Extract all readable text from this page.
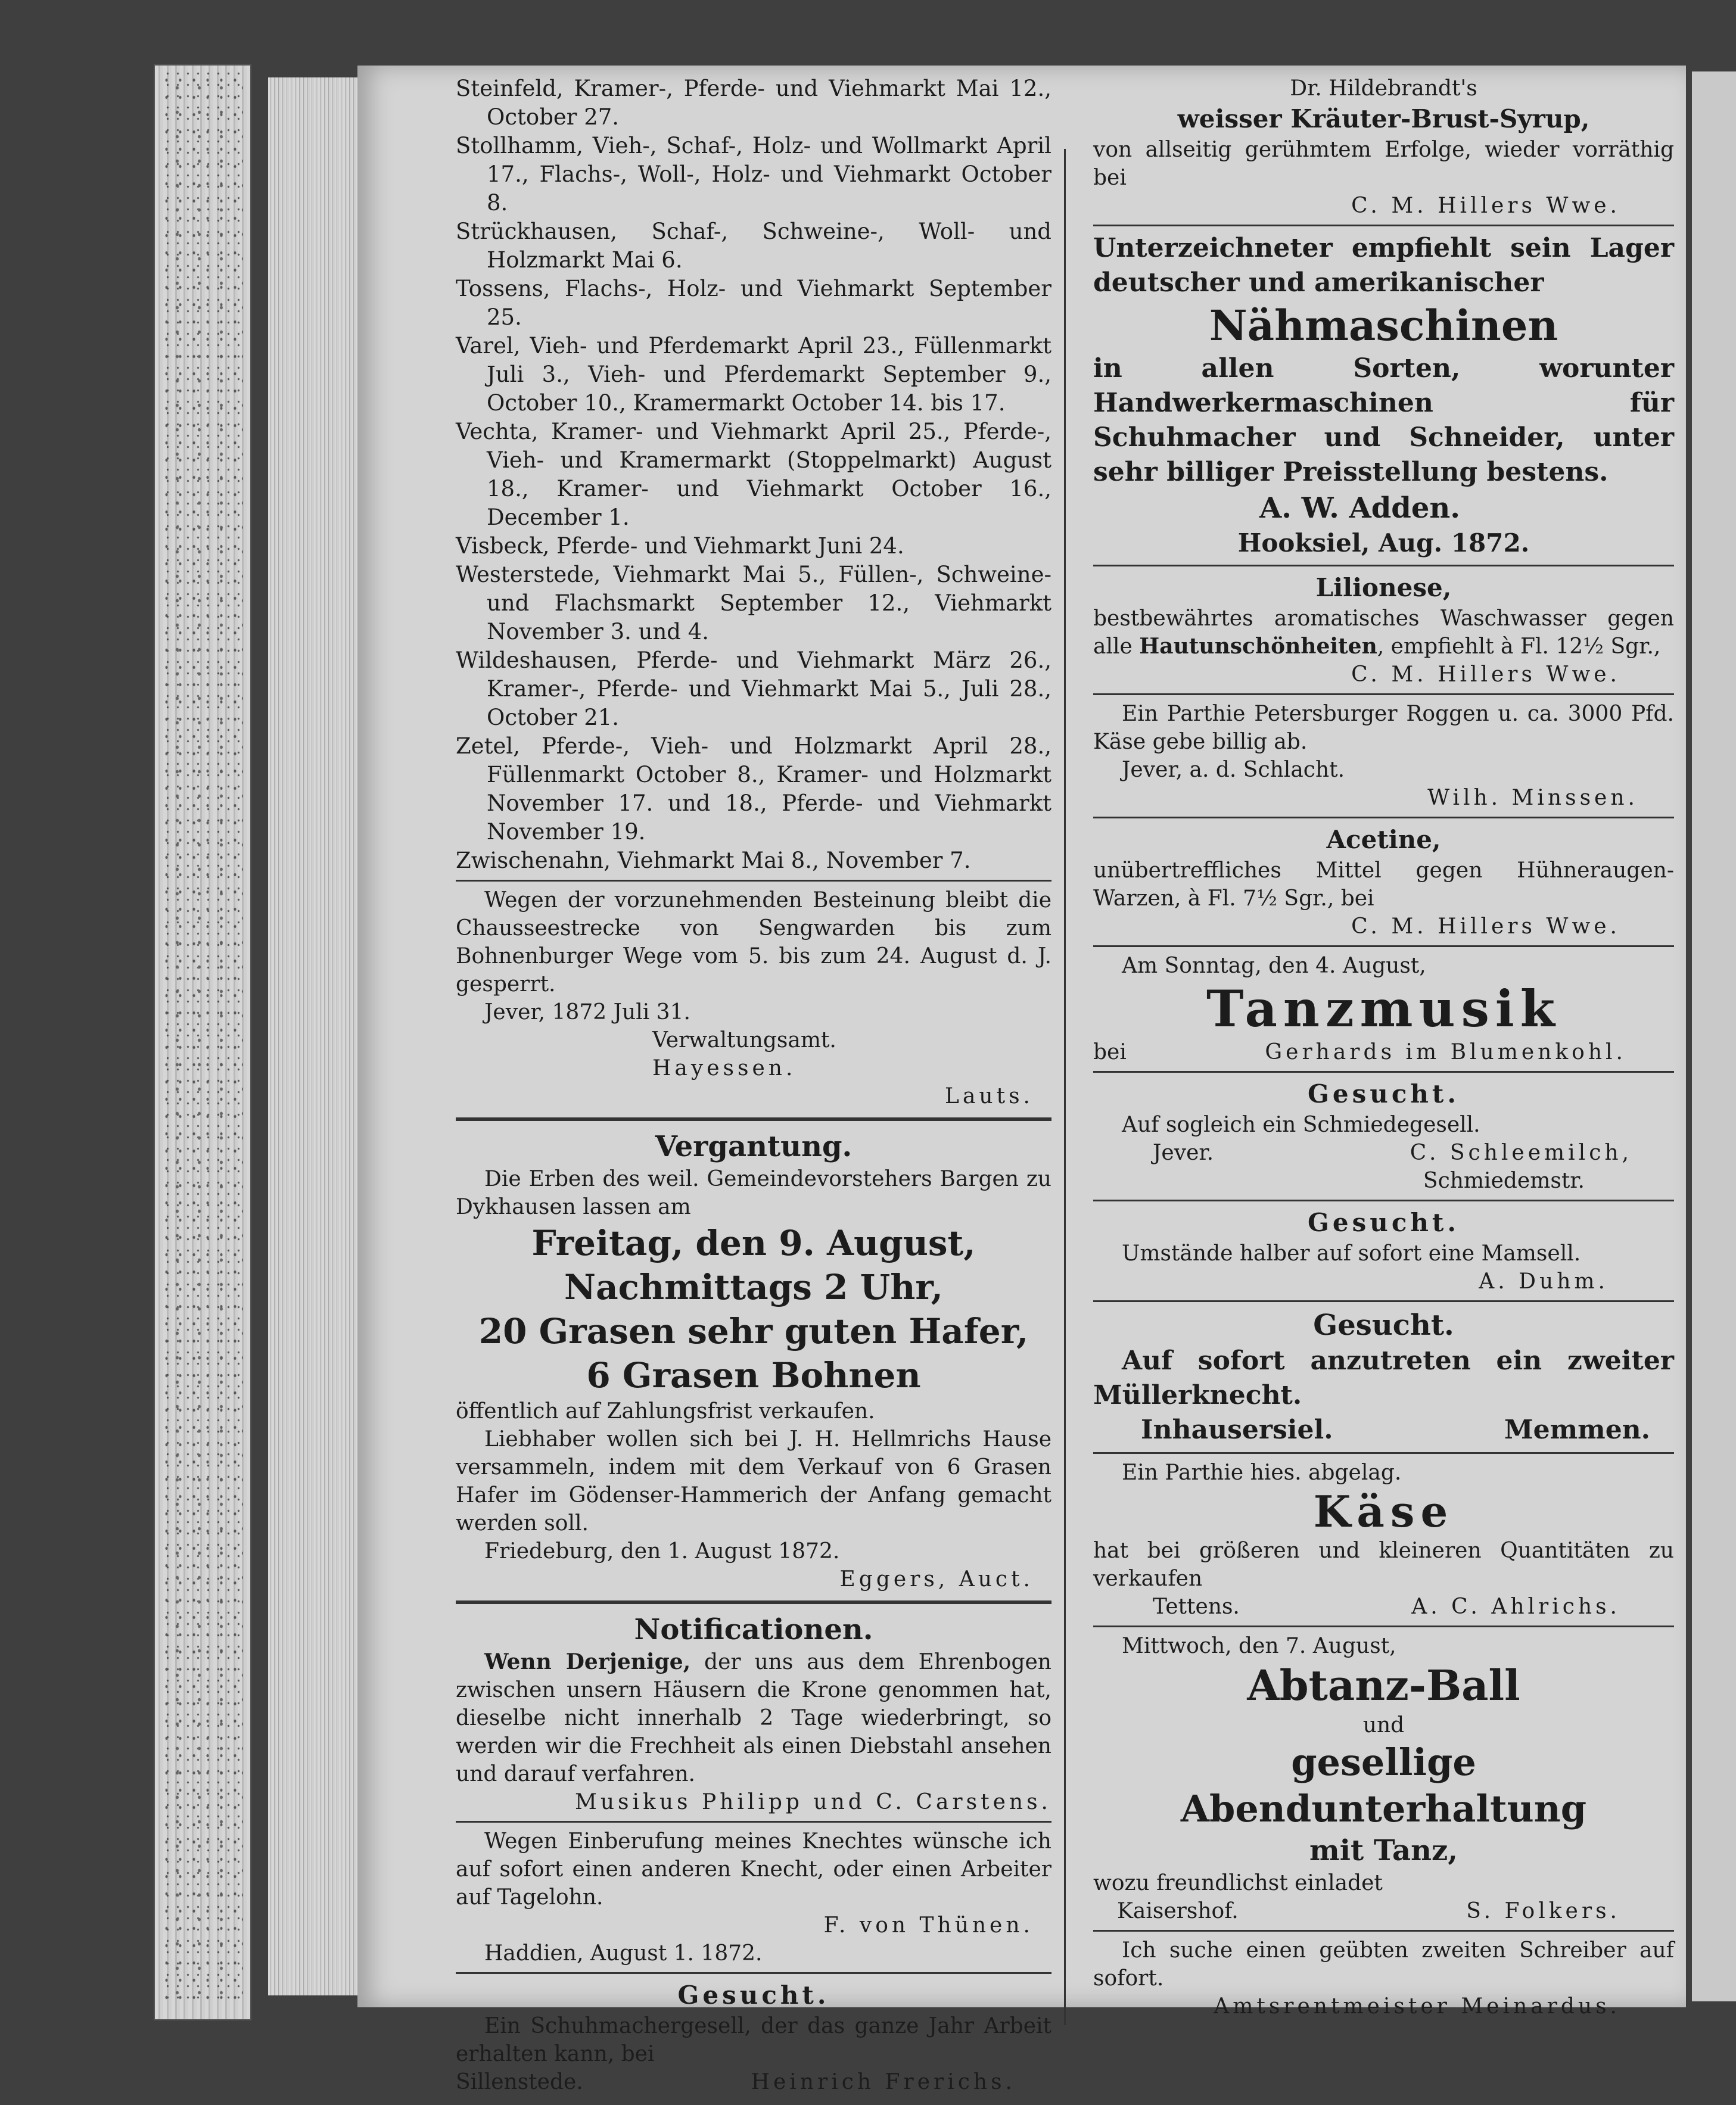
Steinfeld, Kramer-, Pferde- und Viehmarkt Mai 12., October 27.

Stollhamm, Vieh-, Schaf-, Holz- und Wollmarkt April 17., Flachs-, Woll-, Holz- und Viehmarkt October 8.

Strückhausen, Schaf-, Schweine-, Woll- und Holzmarkt Mai 6.

Tossens, Flachs-, Holz- und Viehmarkt September 25.

Varel, Vieh- und Pferdemarkt April 23., Füllenmarkt Juli 3., Vieh- und Pferdemarkt September 9., October 10., Kramermarkt October 14. bis 17.

Vechta, Kramer- und Viehmarkt April 25., Pferde-, Vieh- und Kramermarkt (Stoppelmarkt) August 18., Kramer- und Viehmarkt October 16., December 1.

Visbeck, Pferde- und Viehmarkt Juni 24.

Westerstede, Viehmarkt Mai 5., Füllen-, Schweine- und Flachsmarkt September 12., Viehmarkt November 3. und 4.

Wildeshausen, Pferde- und Viehmarkt März 26., Kramer-, Pferde- und Viehmarkt Mai 5., Juli 28., October 21.

Zetel, Pferde-, Vieh- und Holzmarkt April 28., Füllenmarkt October 8., Kramer- und Holzmarkt November 17. und 18., Pferde- und Viehmarkt November 19.

Zwischenahn, Viehmarkt Mai 8., November 7.

Wegen der vorzunehmenden Besteinung bleibt die Chausseestrecke von Sengwarden bis zum Bohnenburger Wege vom 5. bis zum 24. August d. J. gesperrt.

Jever, 1872 Juli 31.

Verwaltungsamt.

Hayessen.

Lauts.

Vergantung.

Die Erben des weil. Gemeindevorstehers Bargen zu Dykhausen lassen am

Freitag, den 9. August,

Nachmittags 2 Uhr,

20 Grasen sehr guten Hafer,

6 Grasen Bohnen

öffentlich auf Zahlungsfrist verkaufen.

Liebhaber wollen sich bei J. H. Hellmrichs Hause versammeln, indem mit dem Verkauf von 6 Grasen Hafer im Gödenser-Hammerich der Anfang gemacht werden soll.

Friedeburg, den 1. August 1872.

Eggers, Auct.

Notificationen.

Wenn Derjenige, der uns aus dem Ehrenbogen zwischen unsern Häusern die Krone genommen hat, dieselbe nicht innerhalb 2 Tage wiederbringt, so werden wir die Frechheit als einen Diebstahl ansehen und darauf verfahren.

Musikus Philipp und C. Carstens.

Wegen Einberufung meines Knechtes wünsche ich auf sofort einen anderen Knecht, oder einen Arbeiter auf Tagelohn.

F. von Thünen.

Haddien, August 1. 1872.

Gesucht.

Ein Schuhmachergesell, der das ganze Jahr Arbeit erhalten kann, bei

Sillenstede.	Heinrich Frerichs.

Dr. Hildebrandt's

weisser Kräuter-Brust-Syrup,

von allseitig gerühmtem Erfolge, wieder vorräthig bei

C. M. Hillers Wwe.

Unterzeichneter empfiehlt sein Lager deutscher und amerikanischer

Nähmaschinen

in allen Sorten, worunter Handwerkermaschinen für Schuhmacher und Schneider, unter sehr billiger Preisstellung bestens.

A. W. Adden.

Hooksiel, Aug. 1872.

Lilionese,

bestbewährtes aromatisches Waschwasser gegen alle Hautunschönheiten, empfiehlt à Fl. 12½ Sgr.,

C. M. Hillers Wwe.

Ein Parthie Petersburger Roggen u. ca. 3000 Pfd. Käse gebe billig ab.

Jever, a. d. Schlacht.

Wilh. Minssen.

Acetine,

unübertreffliches Mittel gegen Hühneraugen-Warzen, à Fl. 7½ Sgr., bei

C. M. Hillers Wwe.

Am Sonntag, den 4. August,

Tanzmusik

bei	Gerhards im Blumenkohl.

Gesucht.

Auf sogleich ein Schmiedegesell.

Jever.	C. Schleemilch,

Schmiedemstr.

Gesucht.

Umstände halber auf sofort eine Mamsell.

A. Duhm.

Gesucht.

Auf sofort anzutreten ein zweiter Müllerknecht.

Inhausersiel.	Memmen.

Ein Parthie hies. abgelag.

Käse

hat bei größeren und kleineren Quantitäten zu verkaufen

Tettens.	A. C. Ahlrichs.

Mittwoch, den 7. August,

Abtanz-Ball

und

gesellige Abendunterhaltung

mit Tanz,

wozu freundlichst einladet

Kaisershof.	S. Folkers.

Ich suche einen geübten zweiten Schreiber auf sofort.

Amtsrentmeister Meinardus.
